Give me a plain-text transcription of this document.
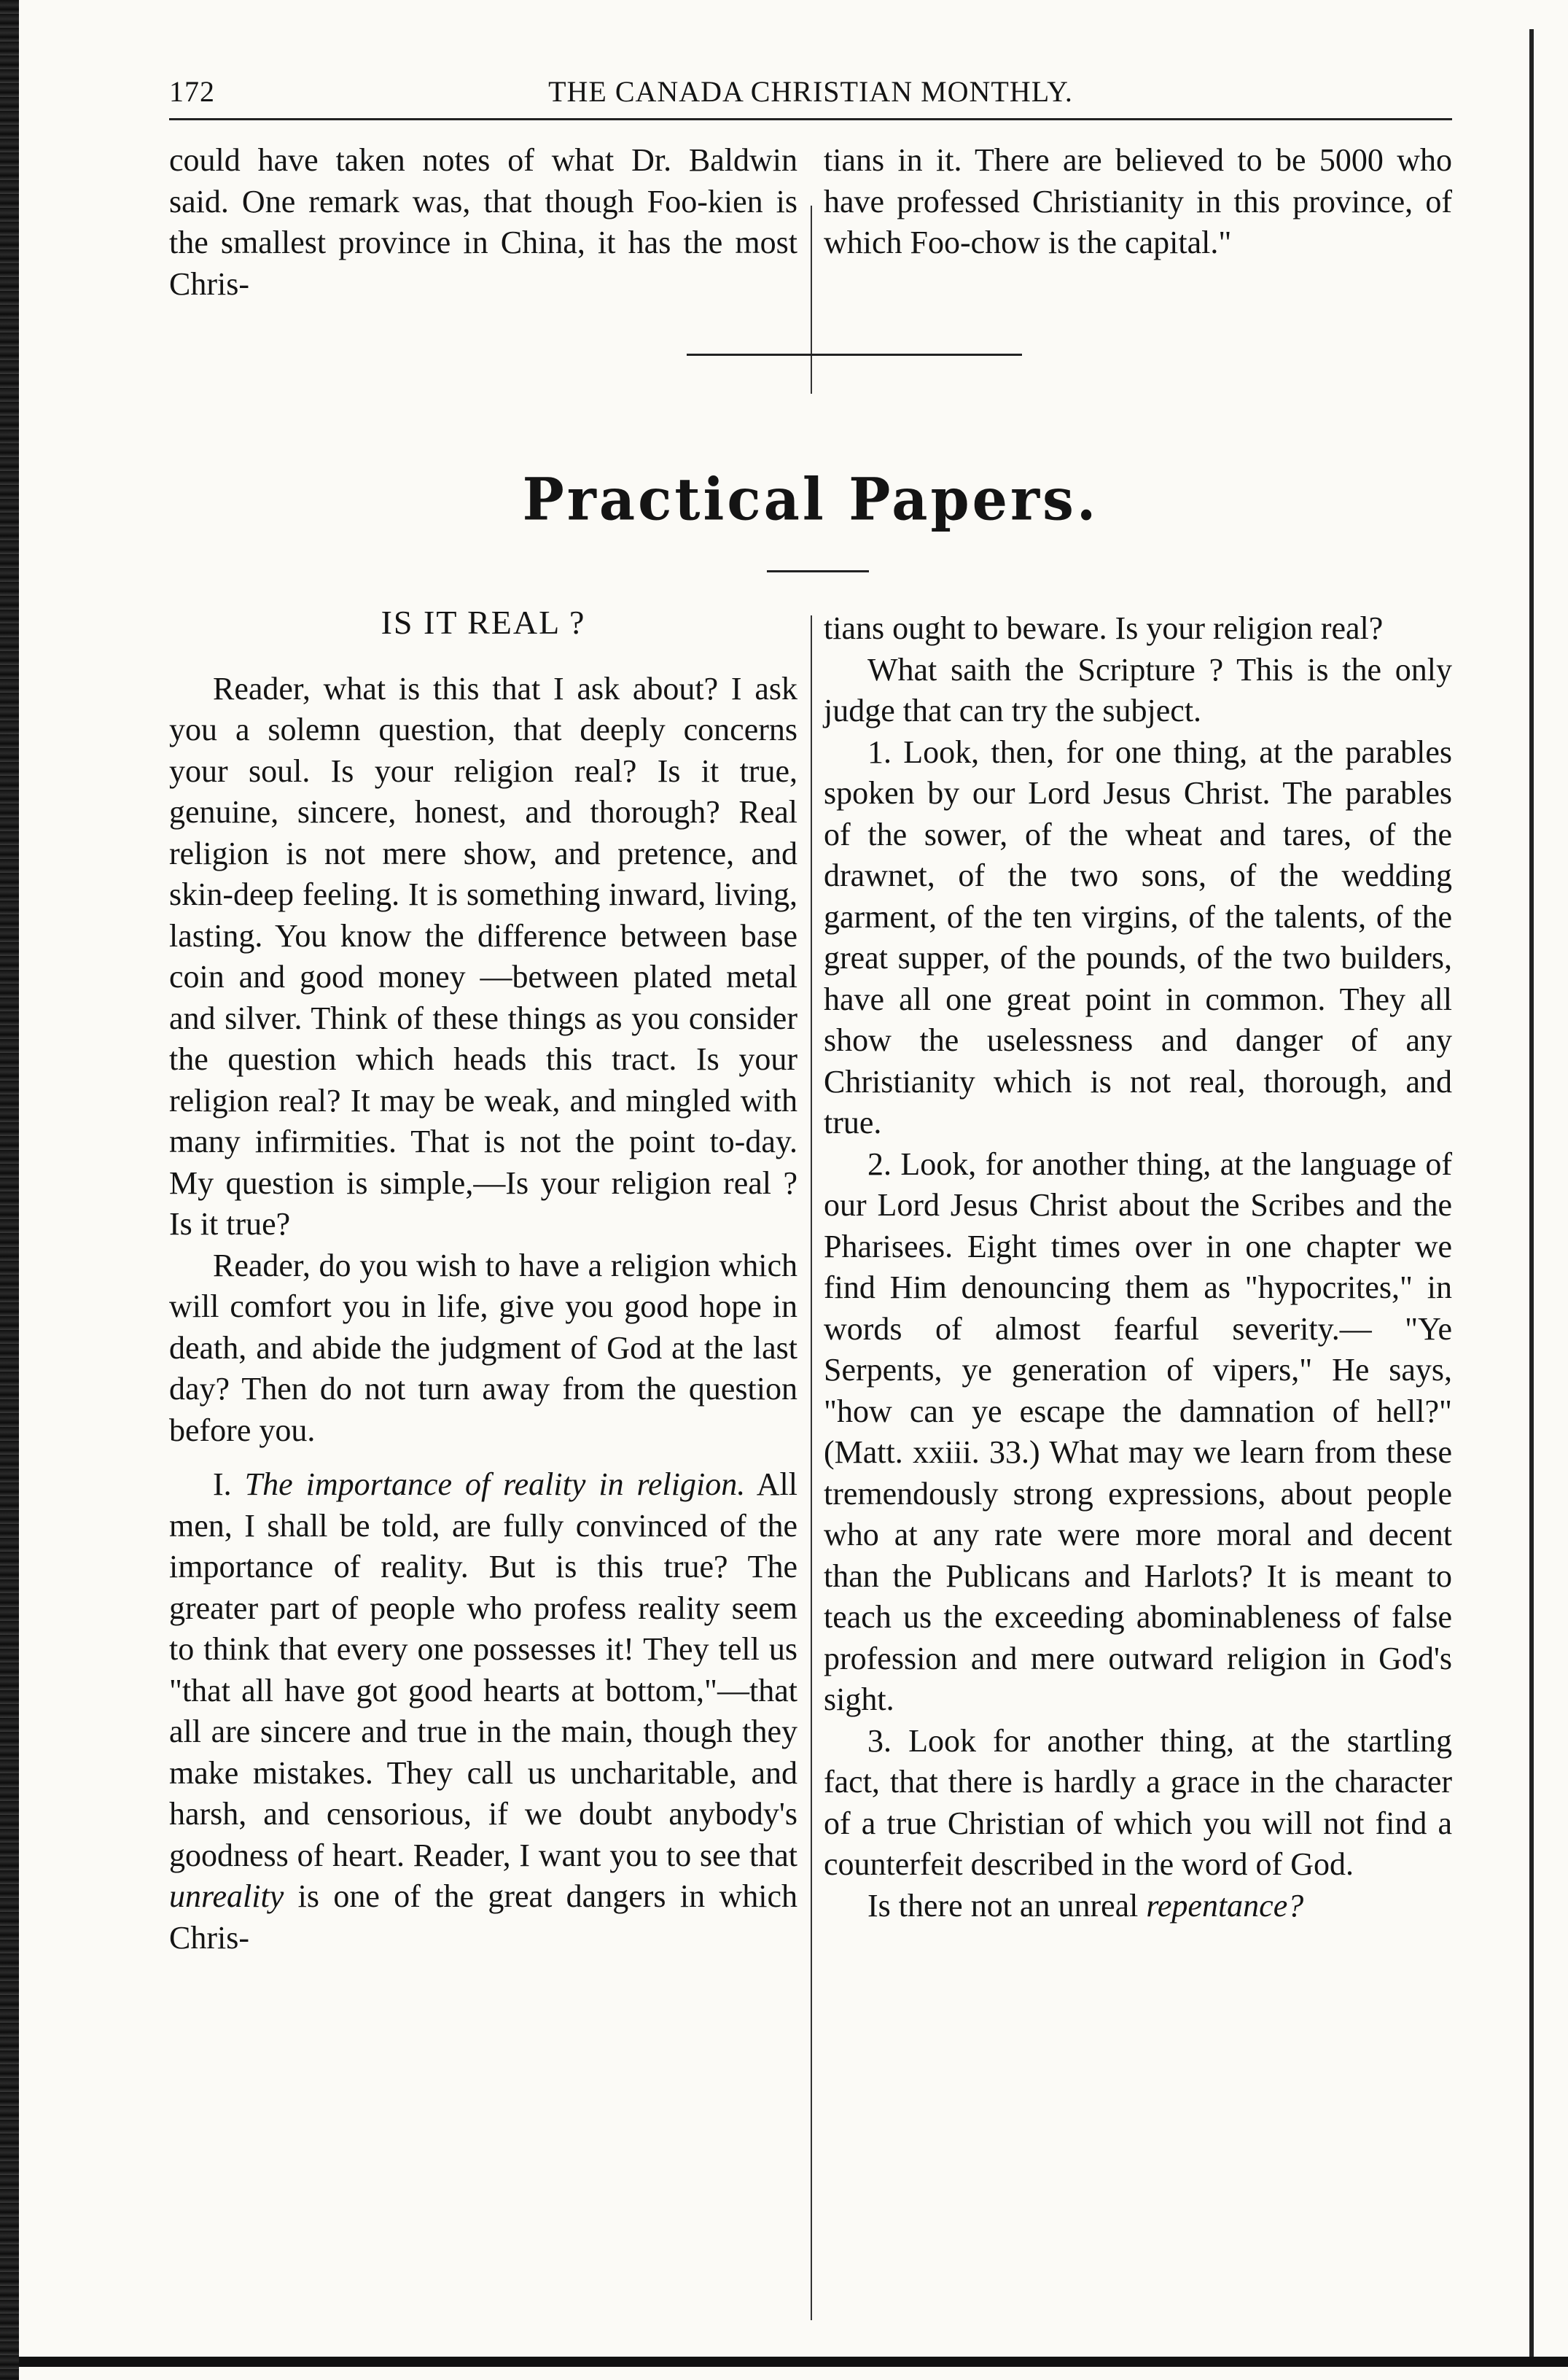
172	THE CANADA CHRISTIAN MONTHLY.

could have taken notes of what Dr. Baldwin said. One remark was, that though Foo-kien is the smallest province in China, it has the most Chris-

tians in it. There are believed to be 5000 who have professed Christianity in this province, of which Foo-chow is the capital."

Practical Papers.

IS IT REAL ?

Reader, what is this that I ask about? I ask you a solemn question, that deeply concerns your soul. Is your religion real? Is it true, genuine, sincere, honest, and thorough? Real religion is not mere show, and pretence, and skin-deep feeling. It is something inward, living, lasting. You know the difference between base coin and good money —between plated metal and silver. Think of these things as you consider the question which heads this tract. Is your religion real? It may be weak, and mingled with many infirmities. That is not the point to-day. My question is simple,—Is your religion real ? Is it true?

Reader, do you wish to have a religion which will comfort you in life, give you good hope in death, and abide the judgment of God at the last day? Then do not turn away from the question before you.

I. The importance of reality in religion. All men, I shall be told, are fully convinced of the importance of reality. But is this true? The greater part of people who profess reality seem to think that every one possesses it! They tell us "that all have got good hearts at bottom,"—that all are sincere and true in the main, though they make mistakes. They call us uncharitable, and harsh, and censorious, if we doubt anybody's goodness of heart. Reader, I want you to see that unreality is one of the great dangers in which Chris-

tians ought to beware. Is your religion real?

What saith the Scripture ? This is the only judge that can try the subject.

1. Look, then, for one thing, at the parables spoken by our Lord Jesus Christ. The parables of the sower, of the wheat and tares, of the drawnet, of the two sons, of the wedding garment, of the ten virgins, of the talents, of the great supper, of the pounds, of the two builders, have all one great point in common. They all show the uselessness and danger of any Christianity which is not real, thorough, and true.

2. Look, for another thing, at the language of our Lord Jesus Christ about the Scribes and the Pharisees. Eight times over in one chapter we find Him denouncing them as "hypocrites," in words of almost fearful severity.— "Ye Serpents, ye generation of vipers," He says, "how can ye escape the damnation of hell?" (Matt. xxiii. 33.) What may we learn from these tremendously strong expressions, about people who at any rate were more moral and decent than the Publicans and Harlots? It is meant to teach us the exceeding abominableness of false profession and mere outward religion in God's sight.

3. Look for another thing, at the startling fact, that there is hardly a grace in the character of a true Christian of which you will not find a counterfeit described in the word of God.

Is there not an unreal repentance?
